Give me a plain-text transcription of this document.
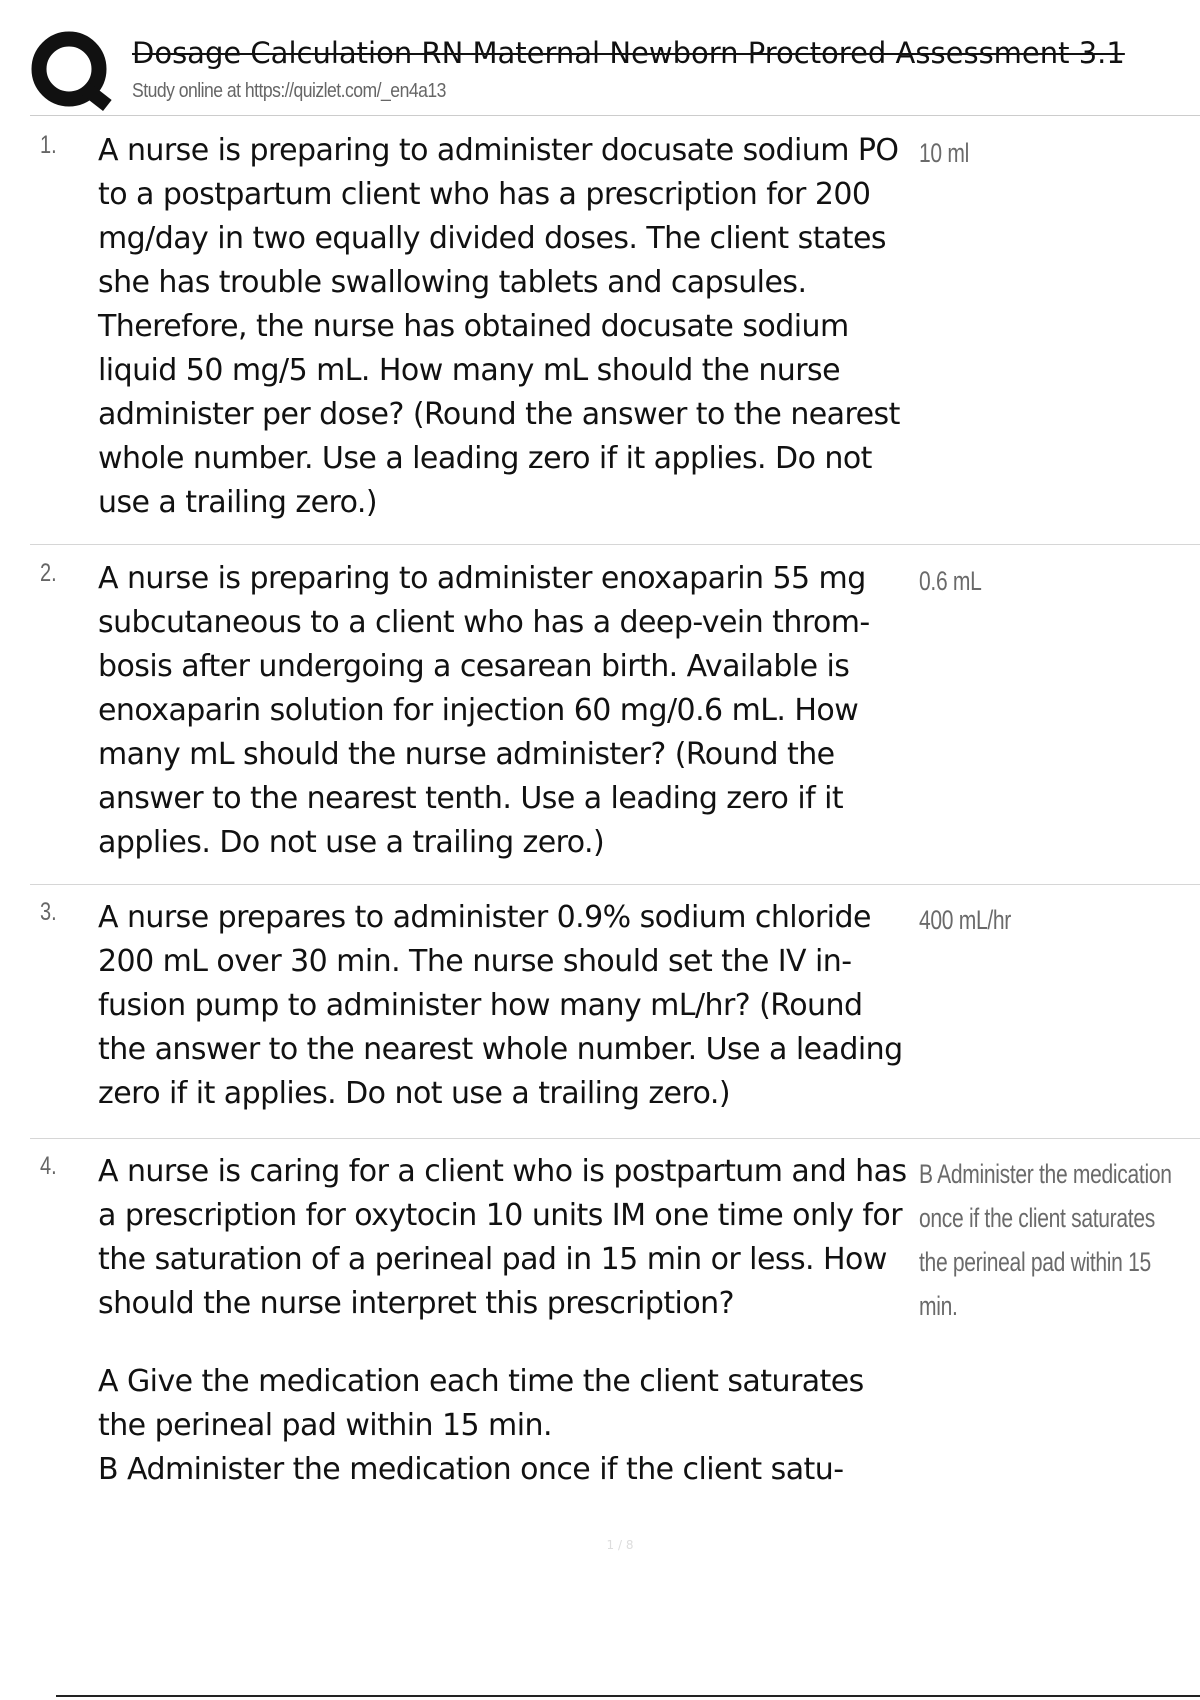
Dosage Calculation RN Maternal Newborn Proctored Assessment 3.1
Study online at https://quizlet.com/_en4a13
1. A nurse is preparing to administer docusate sodium PO to a postpartum client who has a prescription for 200 mg/day in two equally divided doses. The client states she has trouble swallowing tablets and capsules. Therefore, the nurse has obtained docusate sodium liquid 50 mg/5 mL. How many mL should the nurse administer per dose? (Round the answer to the nearest whole number. Use a leading zero if it applies. Do not use a trailing zero.)
10 ml
2. A nurse is preparing to administer enoxaparin 55 mg subcutaneous to a client who has a deep-vein thrombosis after undergoing a cesarean birth. Available is enoxaparin solution for injection 60 mg/0.6 mL. How many mL should the nurse administer? (Round the answer to the nearest tenth. Use a leading zero if it applies. Do not use a trailing zero.)
0.6 mL
3. A nurse prepares to administer 0.9% sodium chloride 200 mL over 30 min. The nurse should set the IV infusion pump to administer how many mL/hr? (Round the answer to the nearest whole number. Use a leading zero if it applies. Do not use a trailing zero.)
400 mL/hr
4. A nurse is caring for a client who is postpartum and has a prescription for oxytocin 10 units IM one time only for the saturation of a perineal pad in 15 min or less. How should the nurse interpret this prescription?
B Administer the medication once if the client saturates the perineal pad within 15 min.
A Give the medication each time the client saturates the perineal pad within 15 min.
B Administer the medication once if the client satu-
1 / 8
